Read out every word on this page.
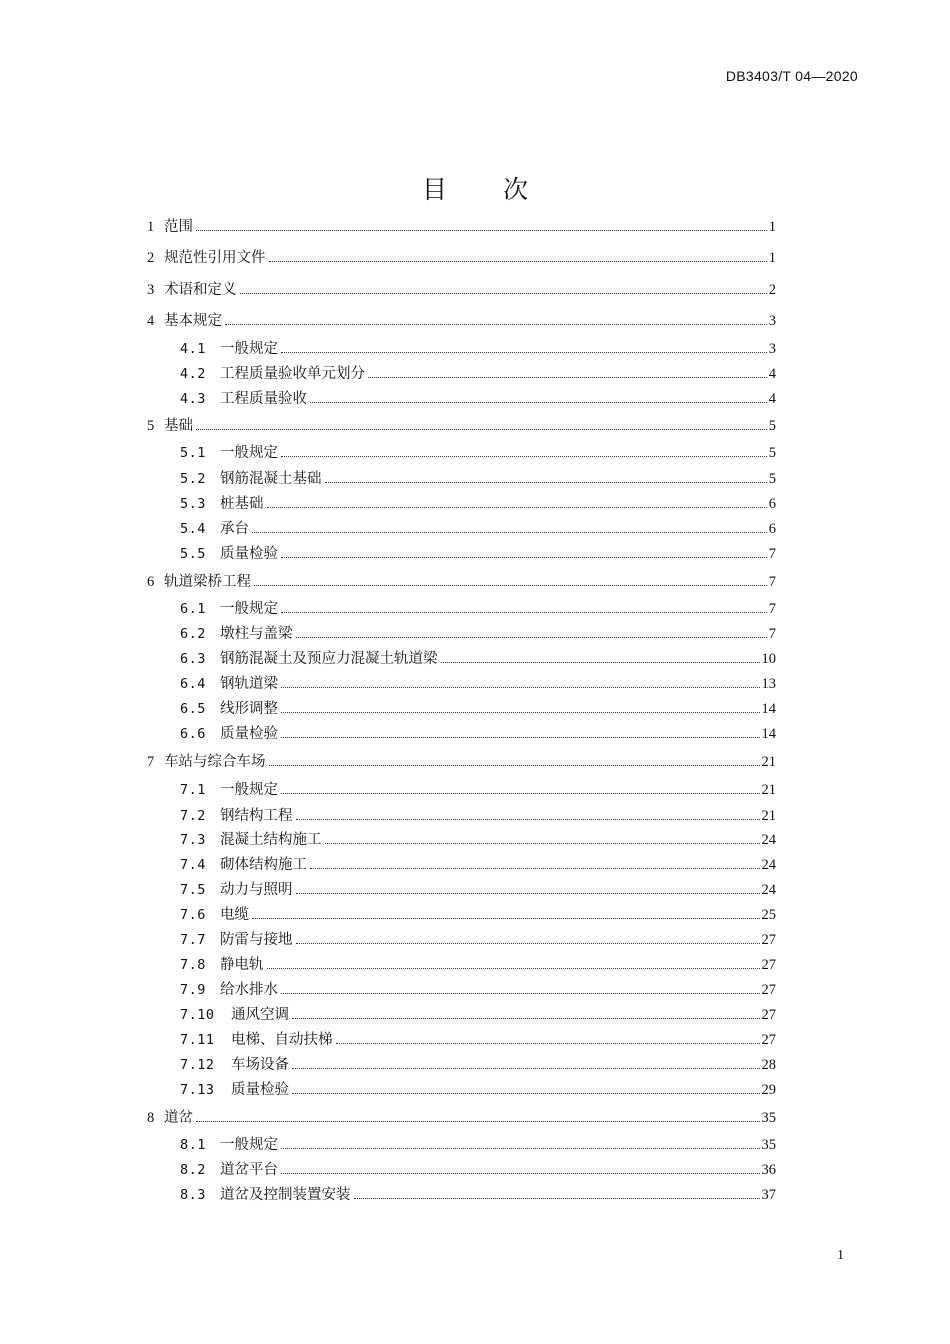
DB3403/T 04—2020
目 次
1 范围	1
2 规范性引用文件	1
3 术语和定义	2
4 基本规定	3
4.1 一般规定	3
4.2 工程质量验收单元划分	4
4.3 工程质量验收	4
5 基础	5
5.1 一般规定	5
5.2 钢筋混凝土基础	5
5.3 桩基础	6
5.4 承台	6
5.5 质量检验	7
6 轨道梁桥工程	7
6.1 一般规定	7
6.2 墩柱与盖梁	7
6.3 钢筋混凝土及预应力混凝土轨道梁	10
6.4 钢轨道梁	13
6.5 线形调整	14
6.6 质量检验	14
7 车站与综合车场	21
7.1 一般规定	21
7.2 钢结构工程	21
7.3 混凝土结构施工	24
7.4 砌体结构施工	24
7.5 动力与照明	24
7.6 电缆	25
7.7 防雷与接地	27
7.8 静电轨	27
7.9 给水排水	27
7.10	通风空调	27
7.11	电梯、自动扶梯	27
7.12	车场设备	28
7.13	质量检验	29
8 道岔	35
8.1 一般规定	35
8.2 道岔平台	36
8.3 道岔及控制装置安装	37
1
